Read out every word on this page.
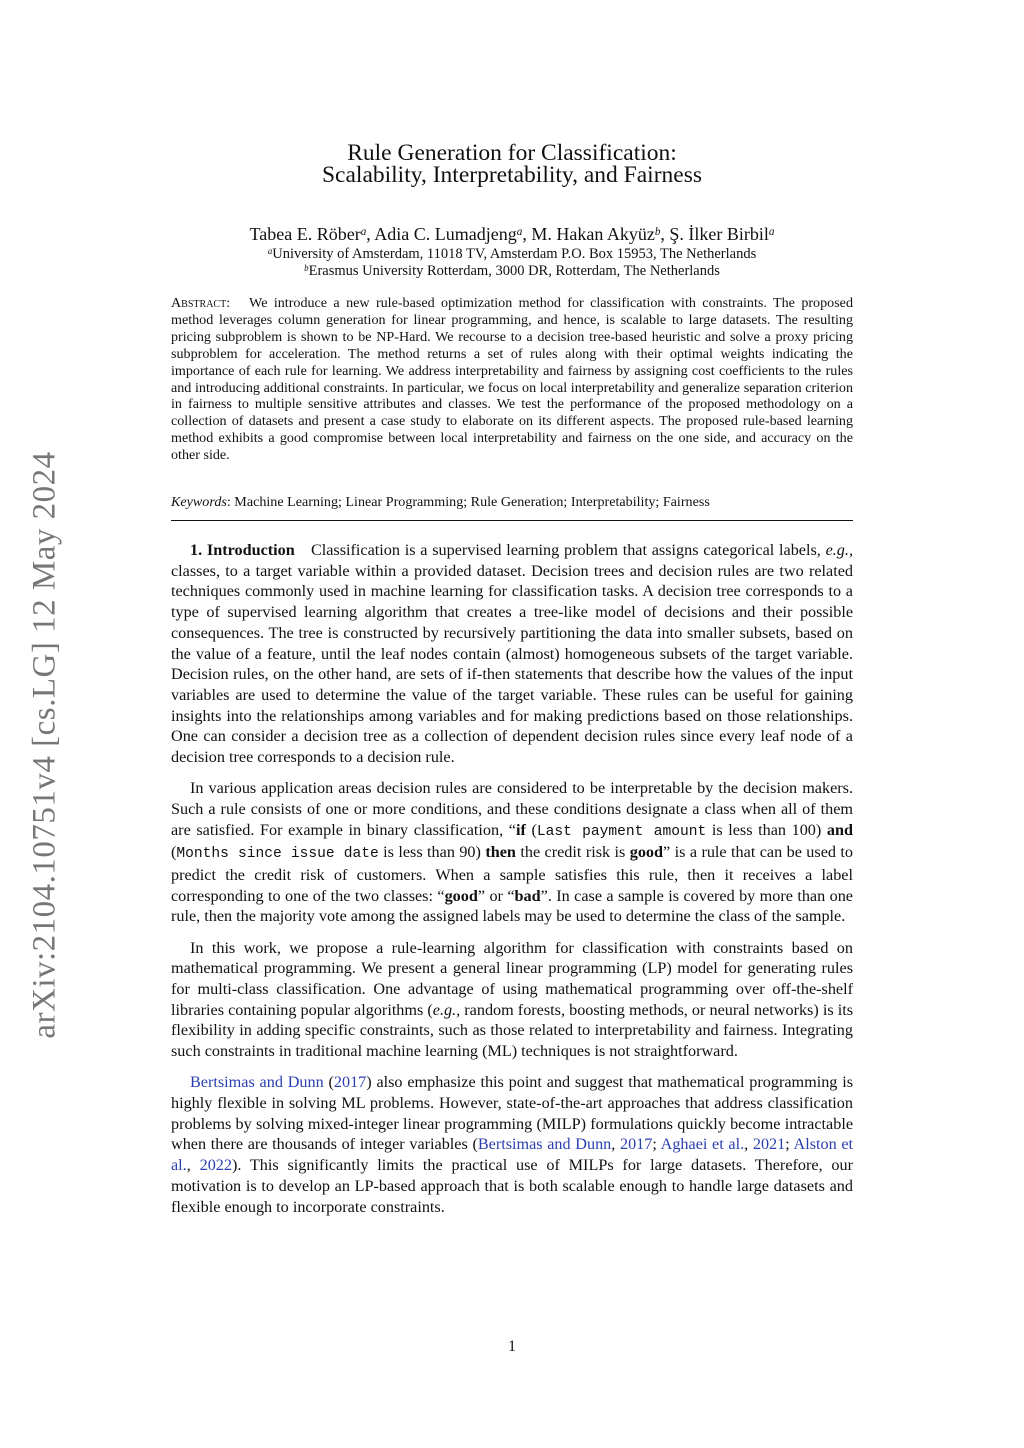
arXiv:2104.10751v4 [cs.LG] 12 May 2024
Rule Generation for Classification:
Scalability, Interpretability, and Fairness
Tabea E. Röber$^a$, Adia C. Lumadjeng$^a$, M. Hakan Akyüz$^b$, Ş. İlker Birbil$^a$
$^a$University of Amsterdam, 11018 TV, Amsterdam P.O. Box 15953, The Netherlands
$^b$Erasmus University Rotterdam, 3000 DR, Rotterdam, The Netherlands
Abstract: We introduce a new rule-based optimization method for classification with constraints. The proposed method leverages column generation for linear programming, and hence, is scalable to large datasets. The resulting pricing subproblem is shown to be NP-Hard. We recourse to a decision tree-based heuristic and solve a proxy pricing subproblem for acceleration. The method returns a set of rules along with their optimal weights indicating the importance of each rule for learning. We address interpretability and fairness by assigning cost coefficients to the rules and introducing additional constraints. In particular, we focus on local interpretability and generalize separation criterion in fairness to multiple sensitive attributes and classes. We test the performance of the proposed methodology on a collection of datasets and present a case study to elaborate on its different aspects. The proposed rule-based learning method exhibits a good compromise between local interpretability and fairness on the one side, and accuracy on the other side.
Keywords: Machine Learning; Linear Programming; Rule Generation; Interpretability; Fairness

1. Introduction Classification is a supervised learning problem that assigns categorical labels, e.g., classes, to a target variable within a provided dataset. Decision trees and decision rules are two related techniques commonly used in machine learning for classification tasks. A decision tree corresponds to a type of supervised learning algorithm that creates a tree-like model of decisions and their possible consequences. The tree is constructed by recursively partitioning the data into smaller subsets, based on the value of a feature, until the leaf nodes contain (almost) homogeneous subsets of the target variable. Decision rules, on the other hand, are sets of if-then statements that describe how the values of the input variables are used to determine the value of the target variable. These rules can be useful for gaining insights into the relationships among variables and for making predictions based on those relationships. One can consider a decision tree as a collection of dependent decision rules since every leaf node of a decision tree corresponds to a decision rule.

In various application areas decision rules are considered to be interpretable by the decision makers. Such a rule consists of one or more conditions, and these conditions designate a class when all of them are satisfied. For example in binary classification, “if (Last payment amount is less than 100) and (Months since issue date is less than 90) then the credit risk is good” is a rule that can be used to predict the credit risk of customers. When a sample satisfies this rule, then it receives a label corresponding to one of the two classes: “good” or “bad”. In case a sample is covered by more than one rule, then the majority vote among the assigned labels may be used to determine the class of the sample.

In this work, we propose a rule-learning algorithm for classification with constraints based on mathematical programming. We present a general linear programming (LP) model for generating rules for multi-class classification. One advantage of using mathematical programming over off-the-shelf libraries containing popular algorithms (e.g., random forests, boosting methods, or neural networks) is its flexibility in adding specific constraints, such as those related to interpretability and fairness. Integrating such constraints in traditional machine learning (ML) techniques is not straightforward.

Bertsimas and Dunn (2017) also emphasize this point and suggest that mathematical programming is highly flexible in solving ML problems. However, state-of-the-art approaches that address classification problems by solving mixed-integer linear programming (MILP) formulations quickly become intractable when there are thousands of integer variables (Bertsimas and Dunn, 2017; Aghaei et al., 2021; Alston et al., 2022). This significantly limits the practical use of MILPs for large datasets. Therefore, our motivation is to develop an LP-based approach that is both scalable enough to handle large datasets and flexible enough to incorporate constraints.

1
